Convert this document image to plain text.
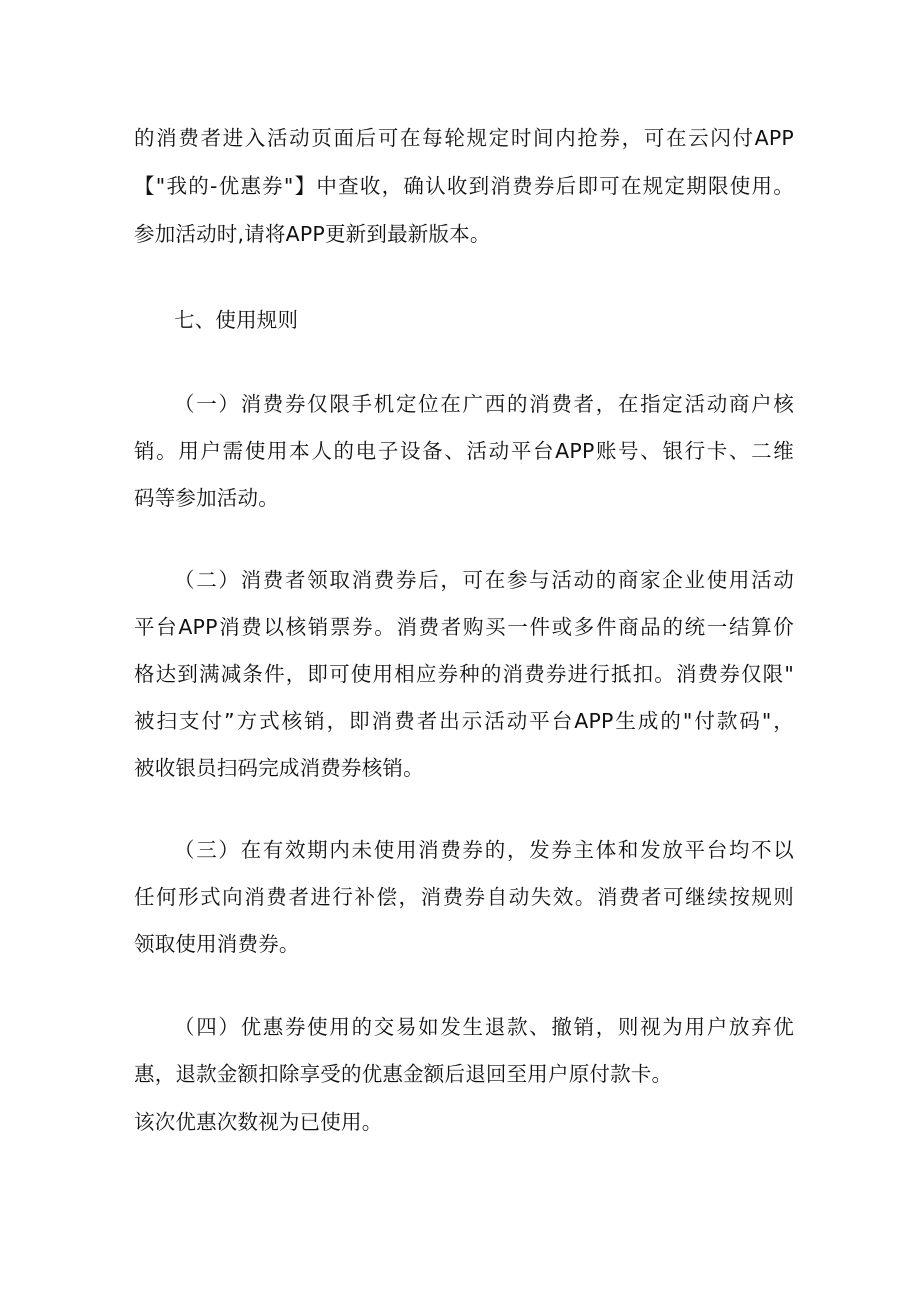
的消费者进入活动页面后可在每轮规定时间内抢券，可在云闪付APP
【"我的-优惠券"】中查收，确认收到消费券后即可在规定期限使用。
参加活动时,请将APP更新到最新版本。
七、使用规则
（一）消费券仅限手机定位在广西的消费者，在指定活动商户核
销。用户需使用本人的电子设备、活动平台APP账号、银行卡、二维
码等参加活动。
（二）消费者领取消费券后，可在参与活动的商家企业使用活动
平台APP消费以核销票券。消费者购买一件或多件商品的统一结算价
格达到满减条件，即可使用相应券种的消费券进行抵扣。消费券仅限"
被扫支付”方式核销，即消费者出示活动平台APP生成的"付款码"，
被收银员扫码完成消费券核销。
（三）在有效期内未使用消费券的，发券主体和发放平台均不以
任何形式向消费者进行补偿，消费券自动失效。消费者可继续按规则
领取使用消费券。
（四）优惠券使用的交易如发生退款、撤销，则视为用户放弃优
惠，退款金额扣除享受的优惠金额后退回至用户原付款卡。
该次优惠次数视为已使用。
